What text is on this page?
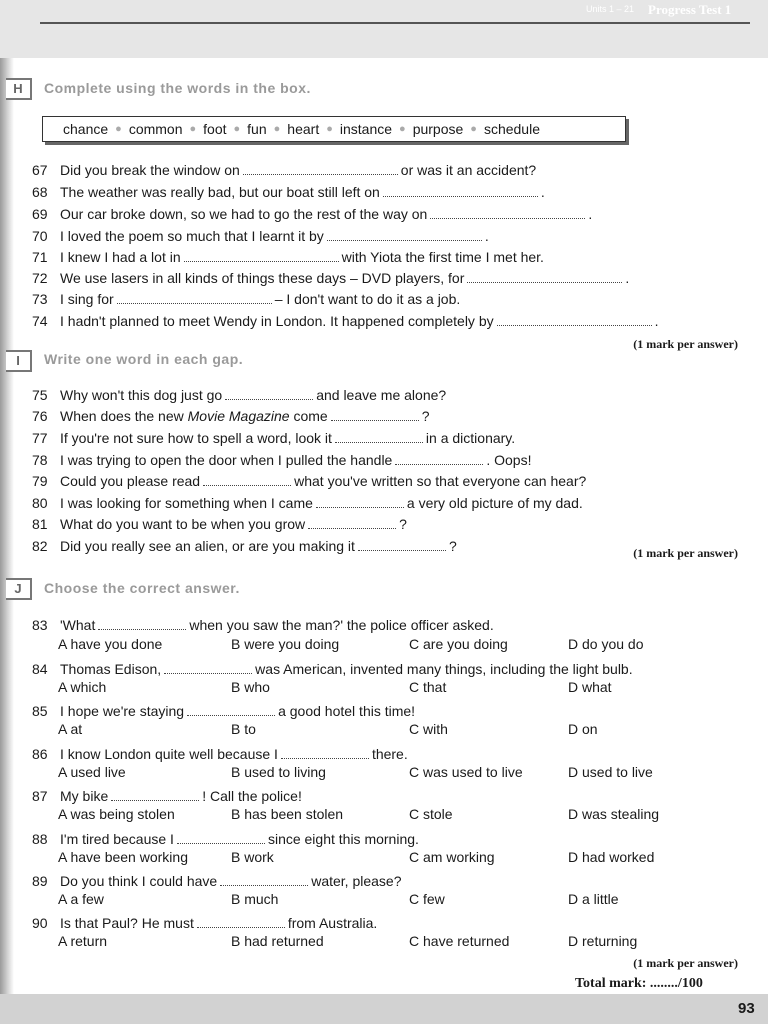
Units 1 – 21 Progress Test 1
H	Complete using the words in the box.
chance ● common ● foot ● fun ● heart ● instance ● purpose ● schedule
67 Did you break the window on	or was it an accident?
68 The weather was really bad, but our boat still left on	.
69 Our car broke down, so we had to go the rest of the way on	.
70 I loved the poem so much that I learnt it by	.
71 I knew I had a lot in	with Yiota the first time I met her.
72 We use lasers in all kinds of things these days – DVD players, for	.
73 I sing for	– I don't want to do it as a job.
74 I hadn't planned to meet Wendy in London. It happened completely by	.
(1 mark per answer)
I	Write one word in each gap.
75 Why won't this dog just go	and leave me alone?
76 When does the new Movie Magazine come	?
77 If you're not sure how to spell a word, look it	in a dictionary.
78 I was trying to open the door when I pulled the handle	. Oops!
79 Could you please read	what you've written so that everyone can hear?
80 I was looking for something when I came	a very old picture of my dad.
81 What do you want to be when you grow	?
82 Did you really see an alien, or are you making it	?	(1 mark per answer)
J	Choose the correct answer.
83 'What	when you saw the man?' the police officer asked.
A have you done	B were you doing	C are you doing	D do you do
84 Thomas Edison,	was American, invented many things, including the light bulb.
A which	B who	C that	D what
85 I hope we're staying	a good hotel this time!
A at	B to	C with	D on
86 I know London quite well because I	there.
A used live	B used to living	C was used to live	D used to live
87 My bike	! Call the police!
A was being stolen	B has been stolen	C stole	D was stealing
88 I'm tired because I	since eight this morning.
A have been working	B work	C am working	D had worked
89 Do you think I could have	water, please?
A a few	B much	C few	D a little
90 Is that Paul? He must	from Australia.
A return	B had returned	C have returned	D returning
(1 mark per answer)
Total mark: ......../100
93
